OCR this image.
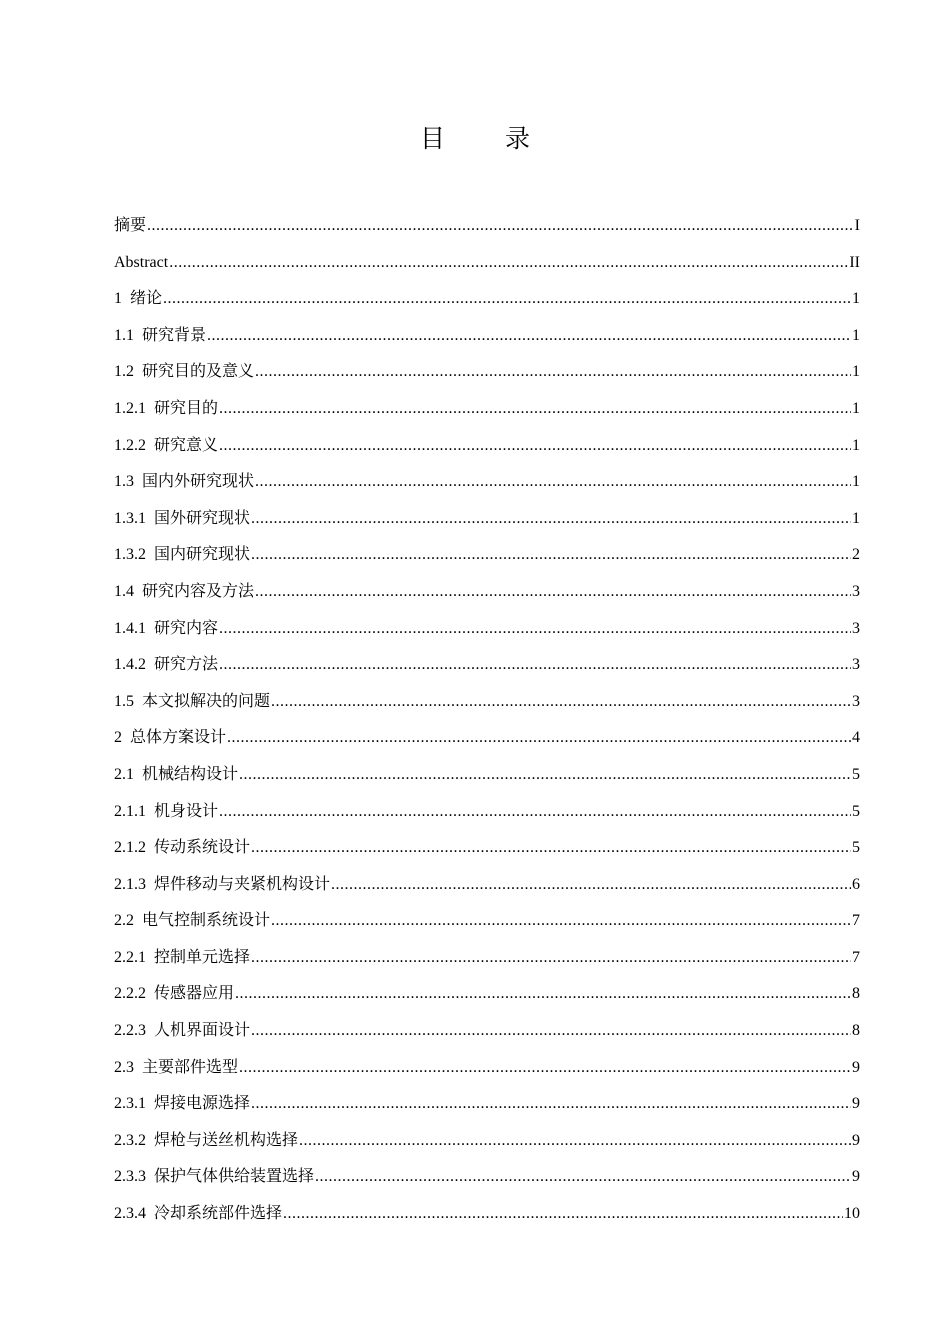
目 录
摘要 .....	I
Abstract .....	II
1 绪论 .....	1
1.1 研究背景 .....	1
1.2 研究目的及意义 .....	1
1.2.1 研究目的 .....	1
1.2.2 研究意义 .....	1
1.3 国内外研究现状 .....	1
1.3.1 国外研究现状 .....	1
1.3.2 国内研究现状 .....	2
1.4 研究内容及方法 .....	3
1.4.1 研究内容 .....	3
1.4.2 研究方法 .....	3
1.5 本文拟解决的问题 .....	3
2 总体方案设计 .....	4
2.1 机械结构设计 .....	5
2.1.1 机身设计 .....	5
2.1.2 传动系统设计 .....	5
2.1.3 焊件移动与夹紧机构设计 .....	6
2.2 电气控制系统设计 .....	7
2.2.1 控制单元选择 .....	7
2.2.2 传感器应用 .....	8
2.2.3 人机界面设计 .....	8
2.3 主要部件选型 .....	9
2.3.1 焊接电源选择 .....	9
2.3.2 焊枪与送丝机构选择 .....	9
2.3.3 保护气体供给装置选择 .....	9
2.3.4 冷却系统部件选择 .....	10
